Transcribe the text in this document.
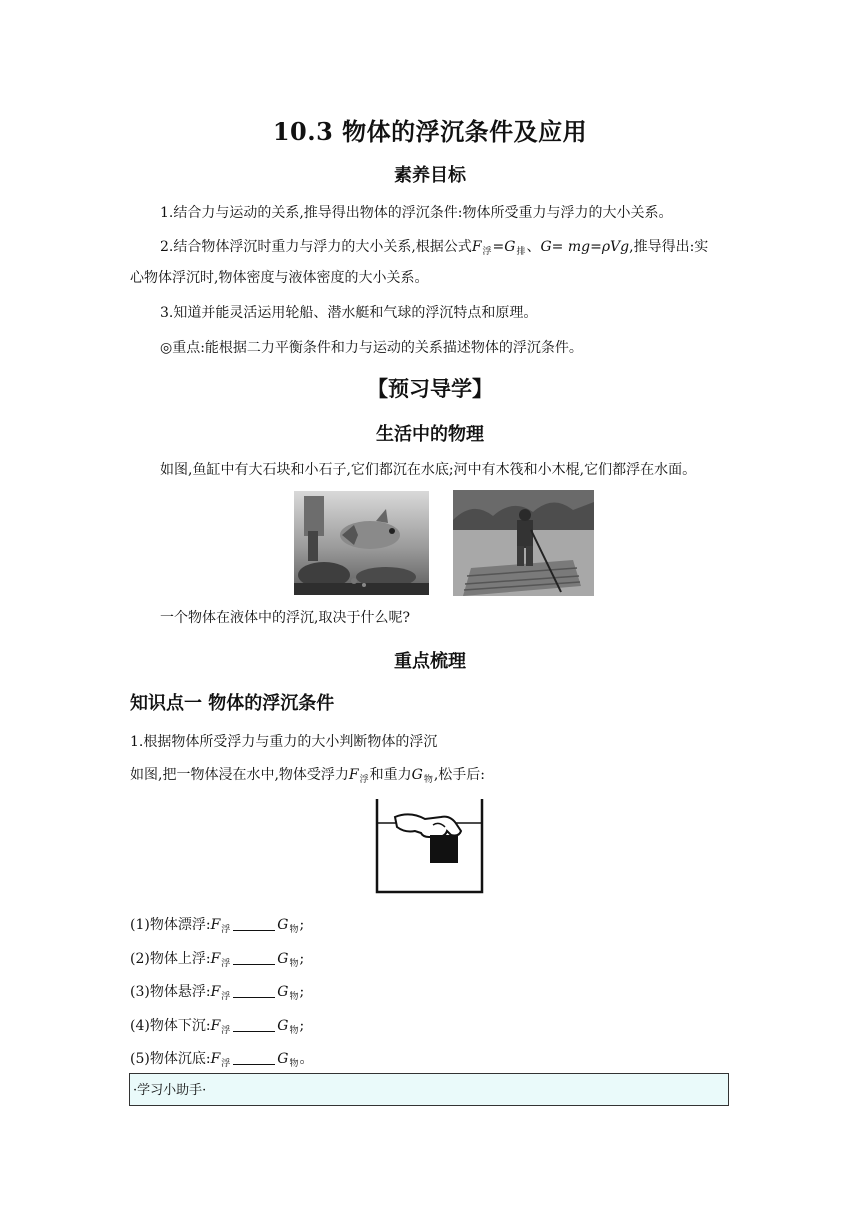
10.3 物体的浮沉条件及应用
素养目标
1.结合力与运动的关系,推导得出物体的浮沉条件:物体所受重力与浮力的大小关系。
2.结合物体浮沉时重力与浮力的大小关系,根据公式$F_浮=G_排$、G= mg=ρVg,推导得出:实
心物体浮沉时,物体密度与液体密度的大小关系。
3.知道并能灵活运用轮船、潜水艇和气球的浮沉特点和原理。
◎重点:能根据二力平衡条件和力与运动的关系描述物体的浮沉条件。
【预习导学】
生活中的物理
如图,鱼缸中有大石块和小石子,它们都沉在水底;河中有木筏和小木棍,它们都浮在水面。
一个物体在液体中的浮沉,取决于什么呢?
重点梳理
知识点一 物体的浮沉条件
1.根据物体所受浮力与重力的大小判断物体的浮沉
如图,把一物体浸在水中,物体受浮力$F_浮$和重力$G_物$,松手后:
(1)物体漂浮$:F_浮$	$G_物$;
(2)物体上浮$:F_浮$	$G_物$;
(3)物体悬浮$:F_浮$	$G_物$;
(4)物体下沉$:F_浮$	$G_物$;
(5)物体沉底$:F_浮$	$G_物$。
·学习小助手·
